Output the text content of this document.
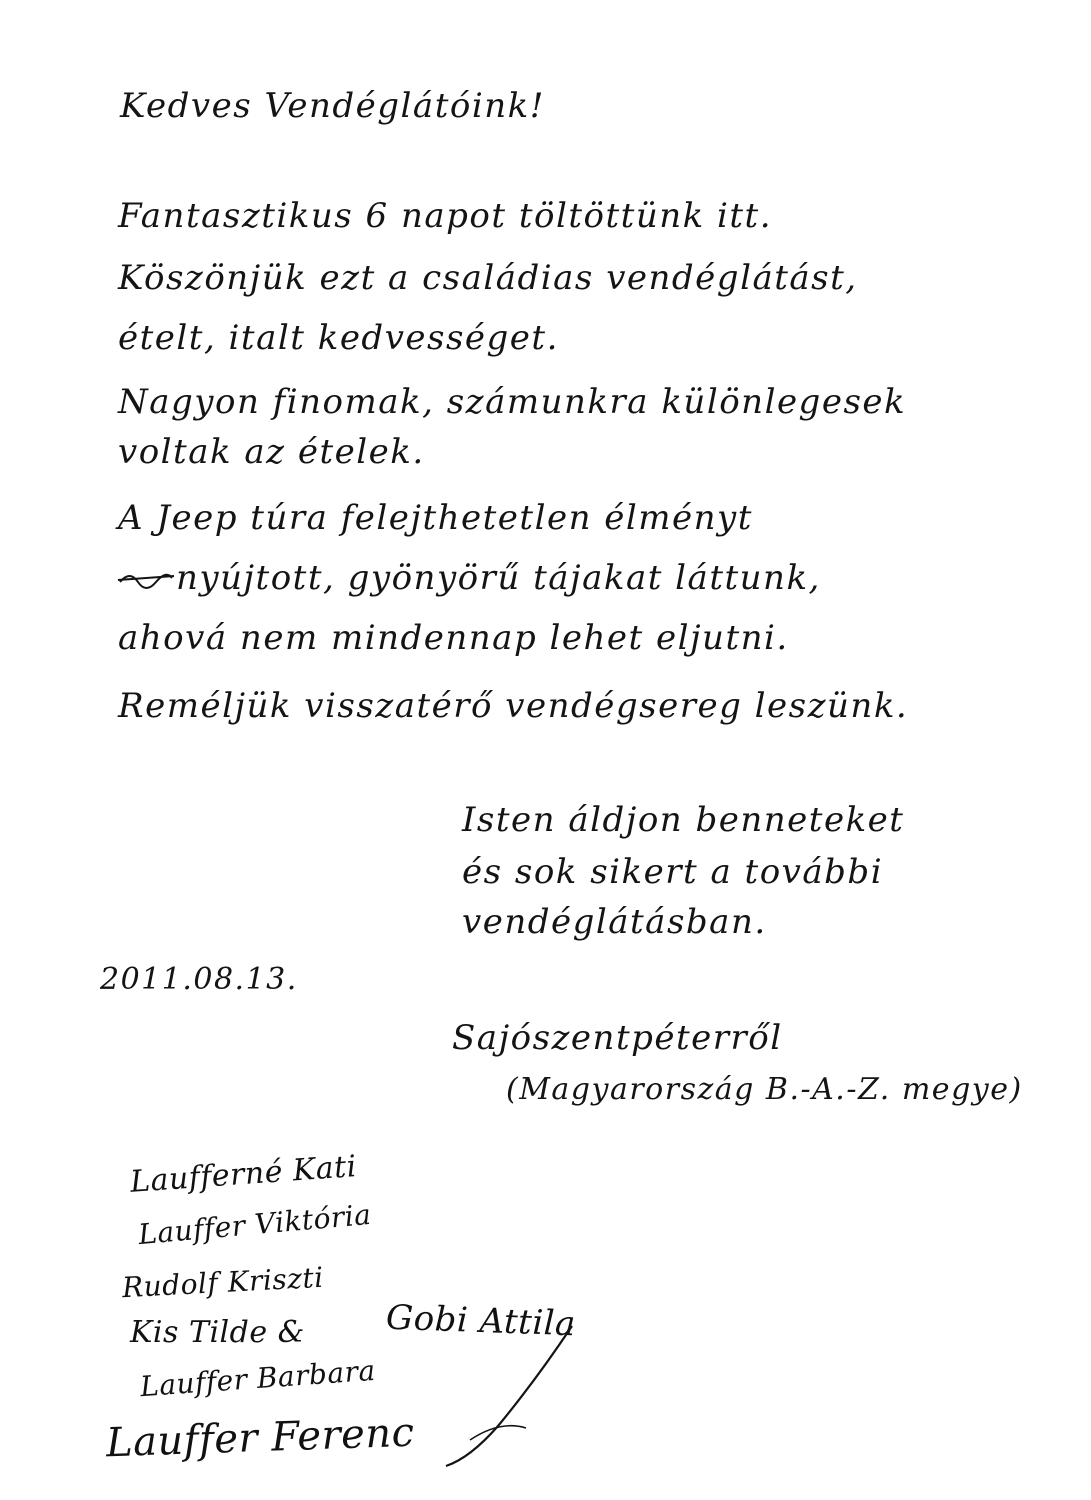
Kedves Vendéglátóink!
Fantasztikus 6 napot töltöttünk itt.
Köszönjük ezt a családias vendéglátást,
ételt, italt kedvességet.
Nagyon finomak, számunkra különlegesek
voltak az ételek.
A Jeep túra felejthetetlen élményt
nyújtott, gyönyörű tájakat láttunk,
ahová nem mindennap lehet eljutni.
Reméljük visszatérő vendégsereg leszünk.
Isten áldjon benneteket
és sok sikert a további
vendéglátásban.
2011.08.13.
Sajószentpéterről
(Magyarország B.-A.-Z. megye)
Laufferné Kati
Lauffer Viktória
Rudolf Kriszti
Kis Tilde & Gobi Attila
Lauffer Barbara
Lauffer Ferenc
